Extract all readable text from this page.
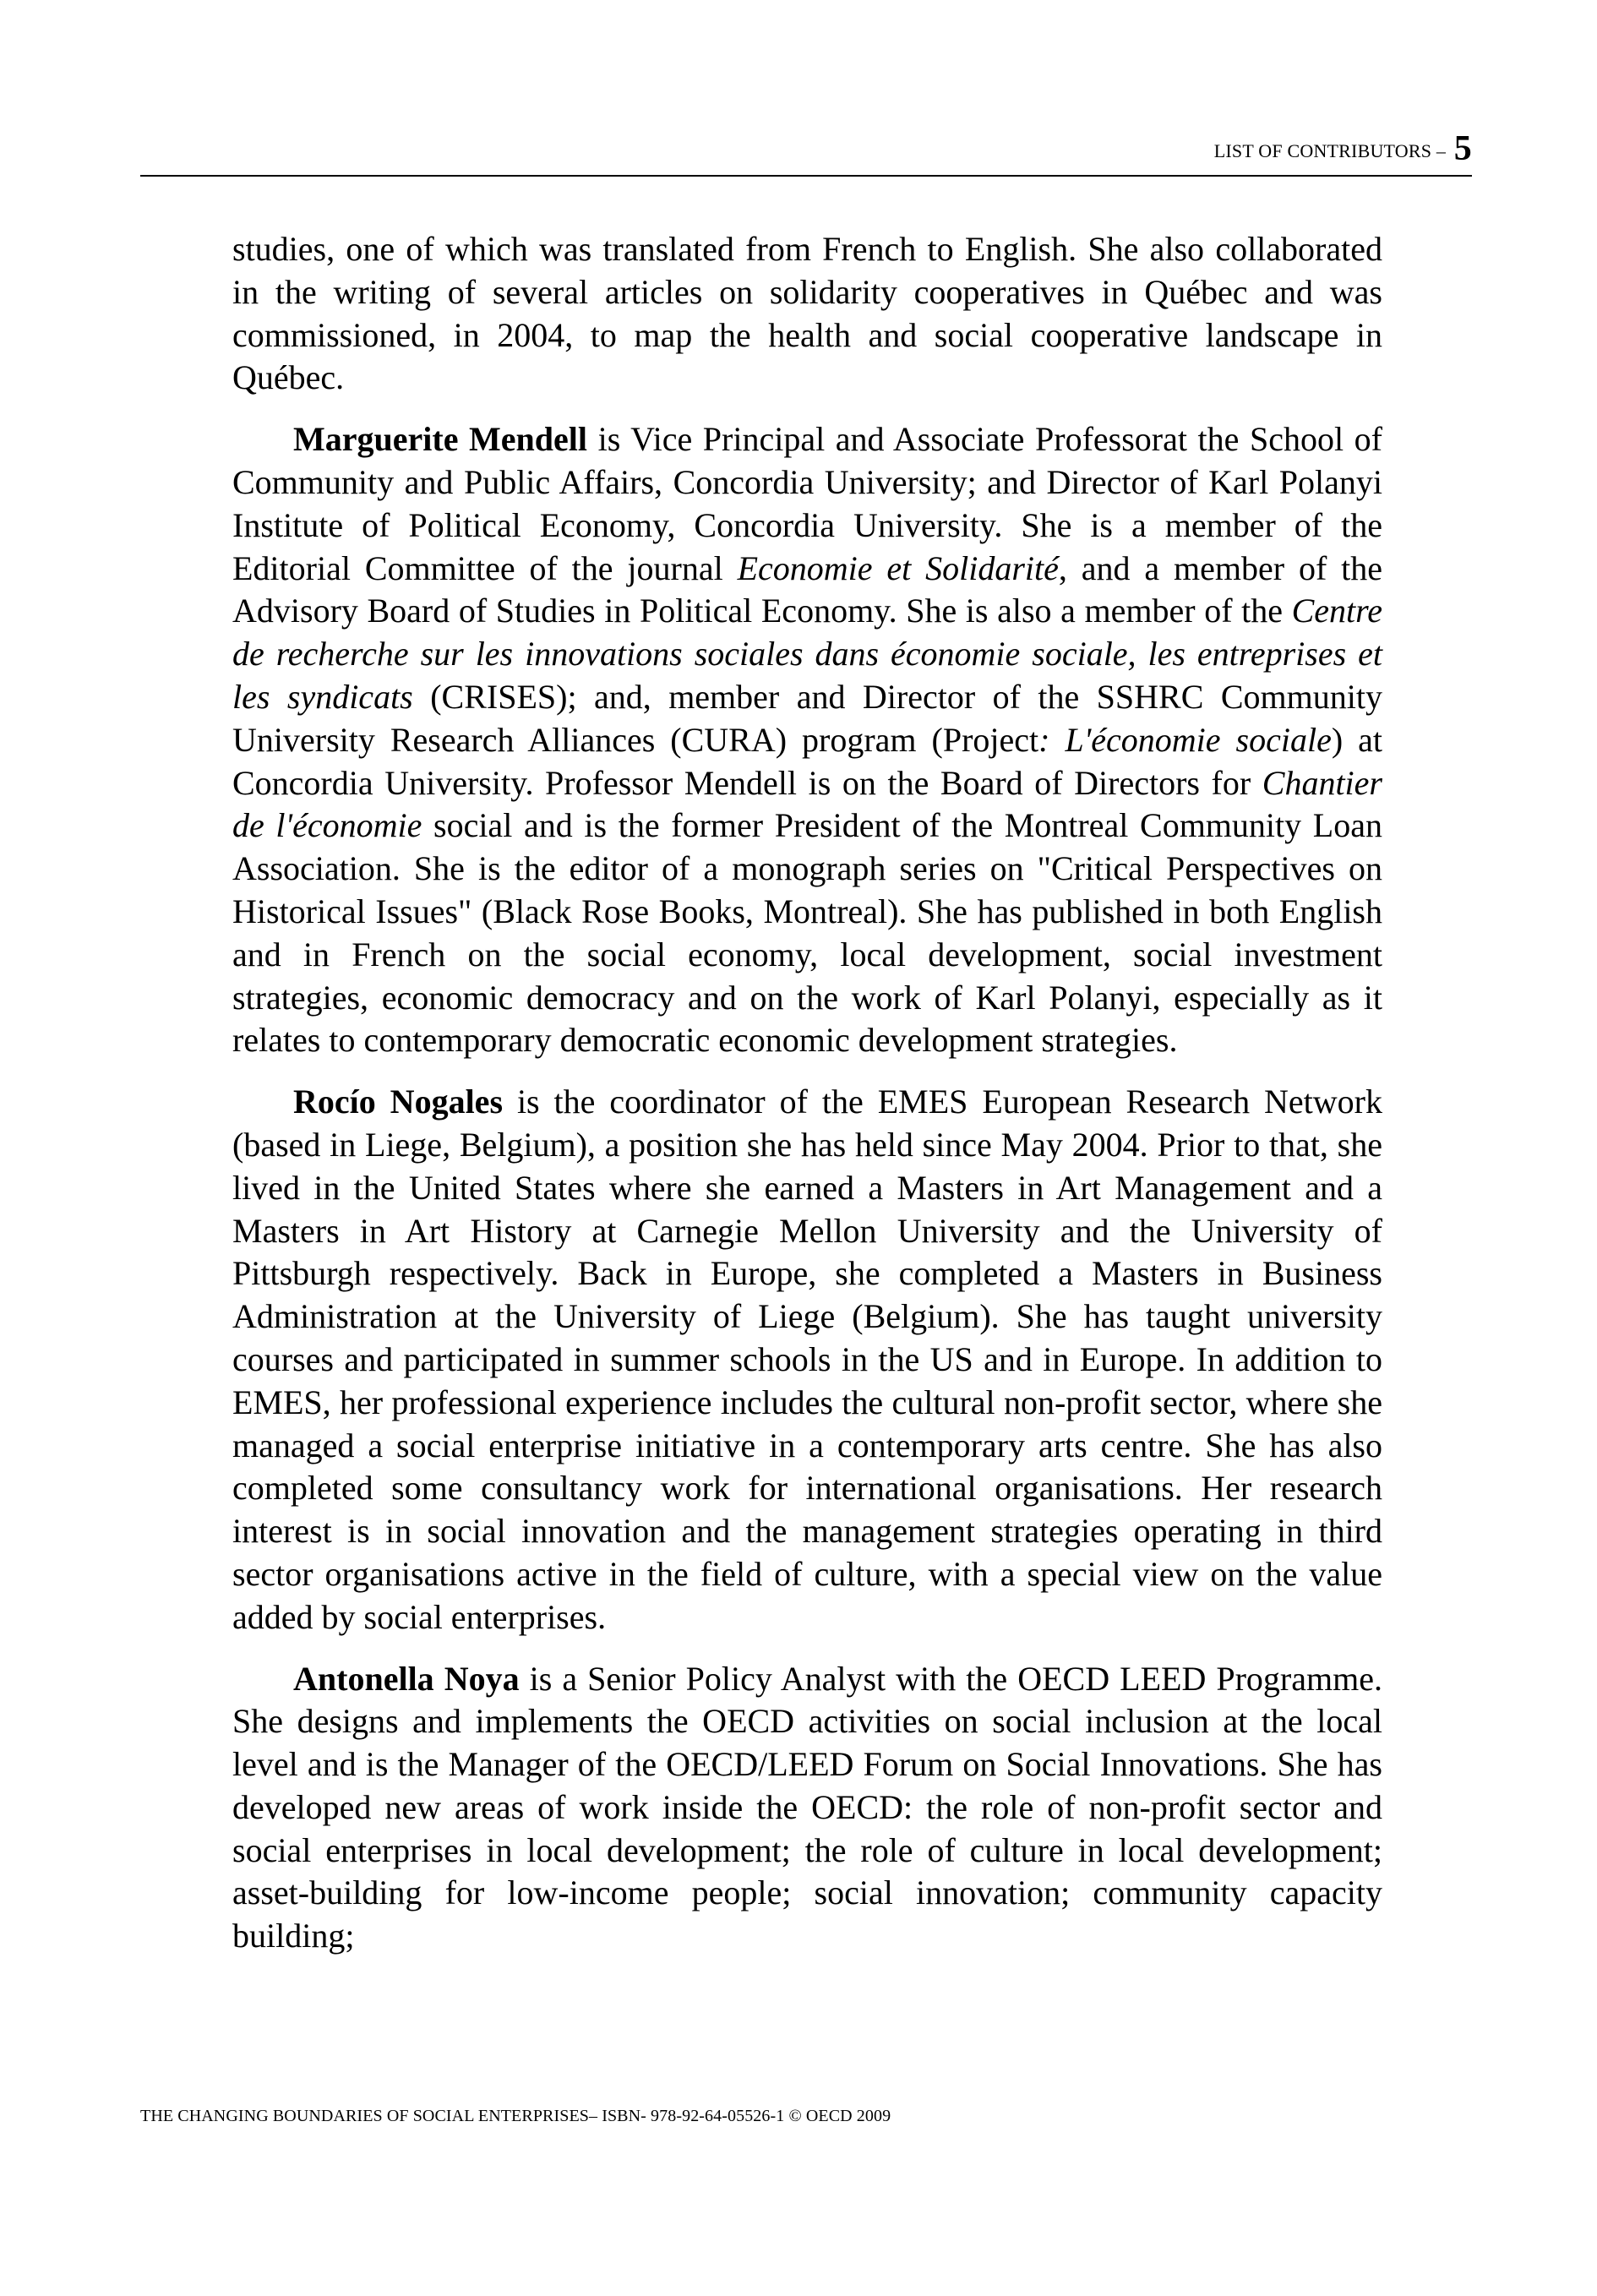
LIST OF CONTRIBUTORS – 5

studies, one of which was translated from French to English. She also collaborated in the writing of several articles on solidarity cooperatives in Québec and was commissioned, in 2004, to map the health and social cooperative landscape in Québec.

Marguerite Mendell is Vice Principal and Associate Professorat the School of Community and Public Affairs, Concordia University; and Director of Karl Polanyi Institute of Political Economy, Concordia University. She is a member of the Editorial Committee of the journal Economie et Solidarité, and a member of the Advisory Board of Studies in Political Economy. She is also a member of the Centre de recherche sur les innovations sociales dans économie sociale, les entreprises et les syndicats (CRISES); and, member and Director of the SSHRC Community University Research Alliances (CURA) program (Project: L'économie sociale) at Concordia University. Professor Mendell is on the Board of Directors for Chantier de l'économie social and is the former President of the Montreal Community Loan Association. She is the editor of a monograph series on "Critical Perspectives on Historical Issues" (Black Rose Books, Montreal). She has published in both English and in French on the social economy, local development, social investment strategies, economic democracy and on the work of Karl Polanyi, especially as it relates to contemporary democratic economic development strategies.

Rocío Nogales is the coordinator of the EMES European Research Network (based in Liege, Belgium), a position she has held since May 2004. Prior to that, she lived in the United States where she earned a Masters in Art Management and a Masters in Art History at Carnegie Mellon University and the University of Pittsburgh respectively. Back in Europe, she completed a Masters in Business Administration at the University of Liege (Belgium). She has taught university courses and participated in summer schools in the US and in Europe. In addition to EMES, her professional experience includes the cultural non-profit sector, where she managed a social enterprise initiative in a contemporary arts centre. She has also completed some consultancy work for international organisations. Her research interest is in social innovation and the management strategies operating in third sector organisations active in the field of culture, with a special view on the value added by social enterprises.

Antonella Noya is a Senior Policy Analyst with the OECD LEED Programme. She designs and implements the OECD activities on social inclusion at the local level and is the Manager of the OECD/LEED Forum on Social Innovations. She has developed new areas of work inside the OECD: the role of non-profit sector and social enterprises in local development; the role of culture in local development; asset-building for low-income people; social innovation; community capacity building;

THE CHANGING BOUNDARIES OF SOCIAL ENTERPRISES– ISBN- 978-92-64-05526-1 © OECD 2009
